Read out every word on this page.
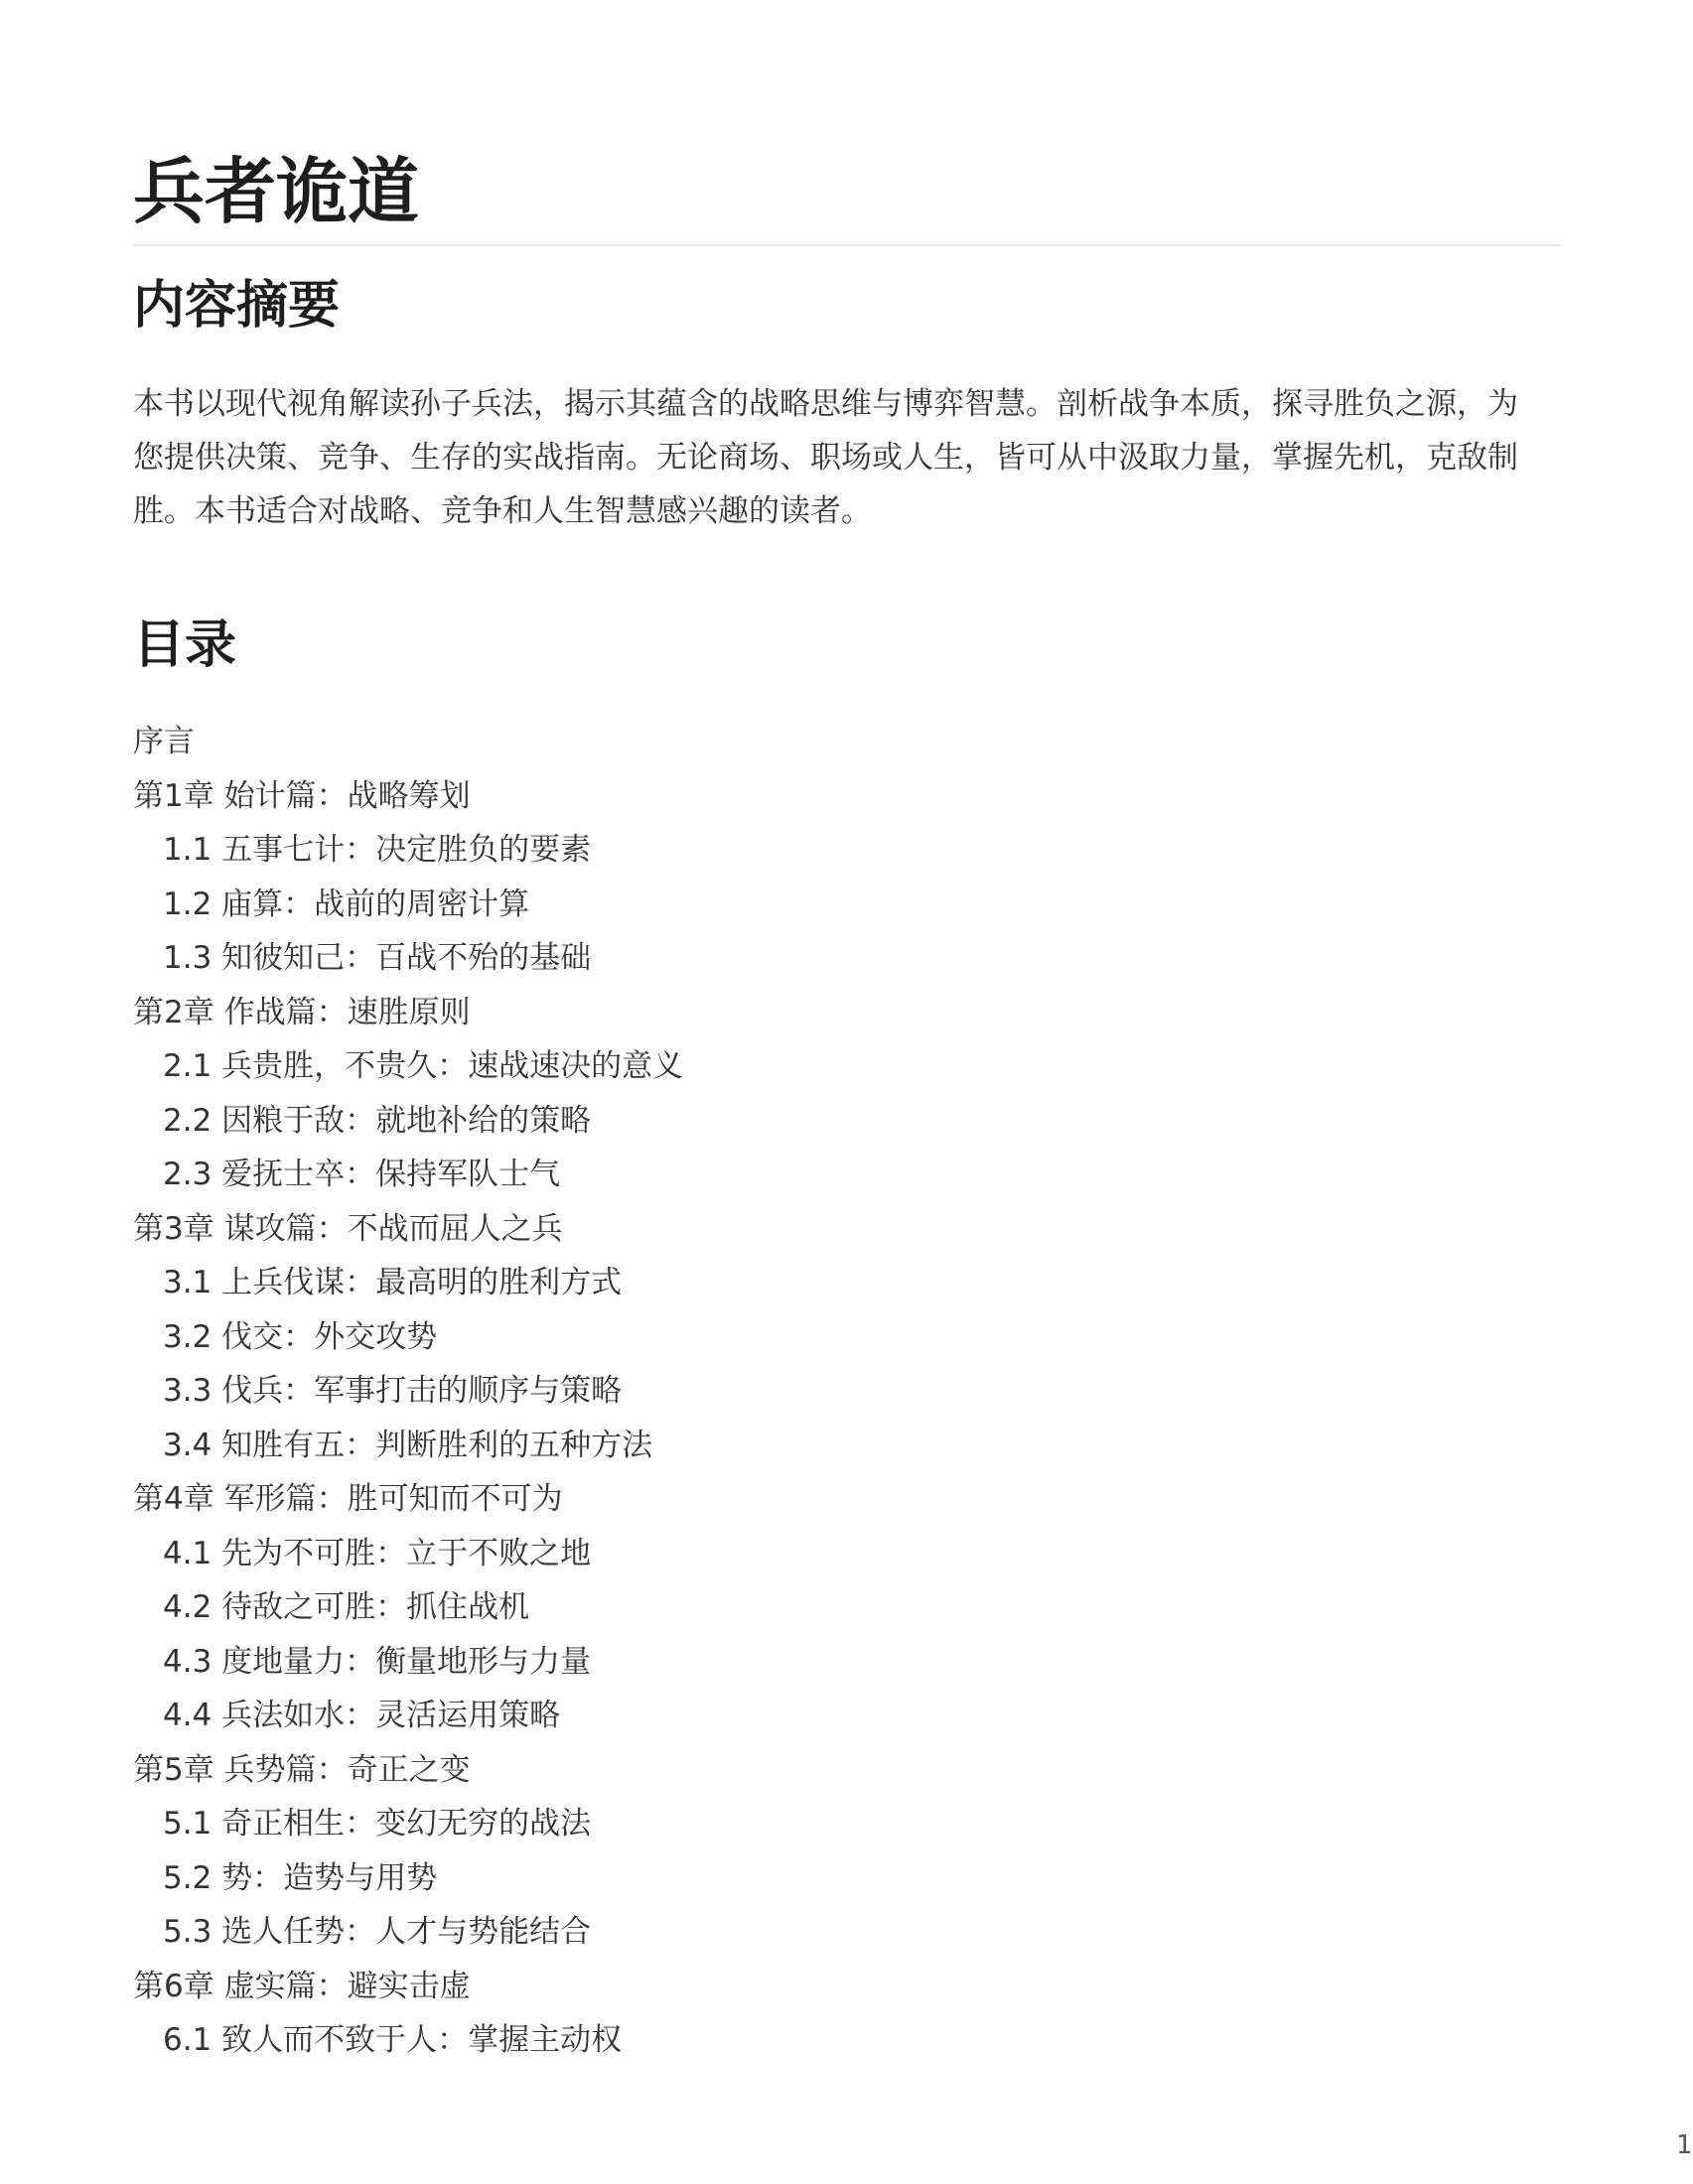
兵者诡道
内容摘要

本书以现代视角解读孙子兵法，揭示其蕴含的战略思维与博弈智慧。剖析战争本质，探寻胜负之源，为
您提供决策、竞争、生存的实战指南。无论商场、职场或人生，皆可从中汲取力量，掌握先机，克敌制
胜。本书适合对战略、竞争和人生智慧感兴趣的读者。

目录
序言
第1章 始计篇：战略筹划
1.1 五事七计：决定胜负的要素
1.2 庙算：战前的周密计算
1.3 知彼知己：百战不殆的基础
第2章 作战篇：速胜原则
2.1 兵贵胜，不贵久：速战速决的意义
2.2 因粮于敌：就地补给的策略
2.3 爱抚士卒：保持军队士气
第3章 谋攻篇：不战而屈人之兵
3.1 上兵伐谋：最高明的胜利方式
3.2 伐交：外交攻势
3.3 伐兵：军事打击的顺序与策略
3.4 知胜有五：判断胜利的五种方法
第4章 军形篇：胜可知而不可为
4.1 先为不可胜：立于不败之地
4.2 待敌之可胜：抓住战机
4.3 度地量力：衡量地形与力量
4.4 兵法如水：灵活运用策略
第5章 兵势篇：奇正之变
5.1 奇正相生：变幻无穷的战法
5.2 势：造势与用势
5.3 选人任势：人才与势能结合
第6章 虚实篇：避实击虚
6.1 致人而不致于人：掌握主动权
1
